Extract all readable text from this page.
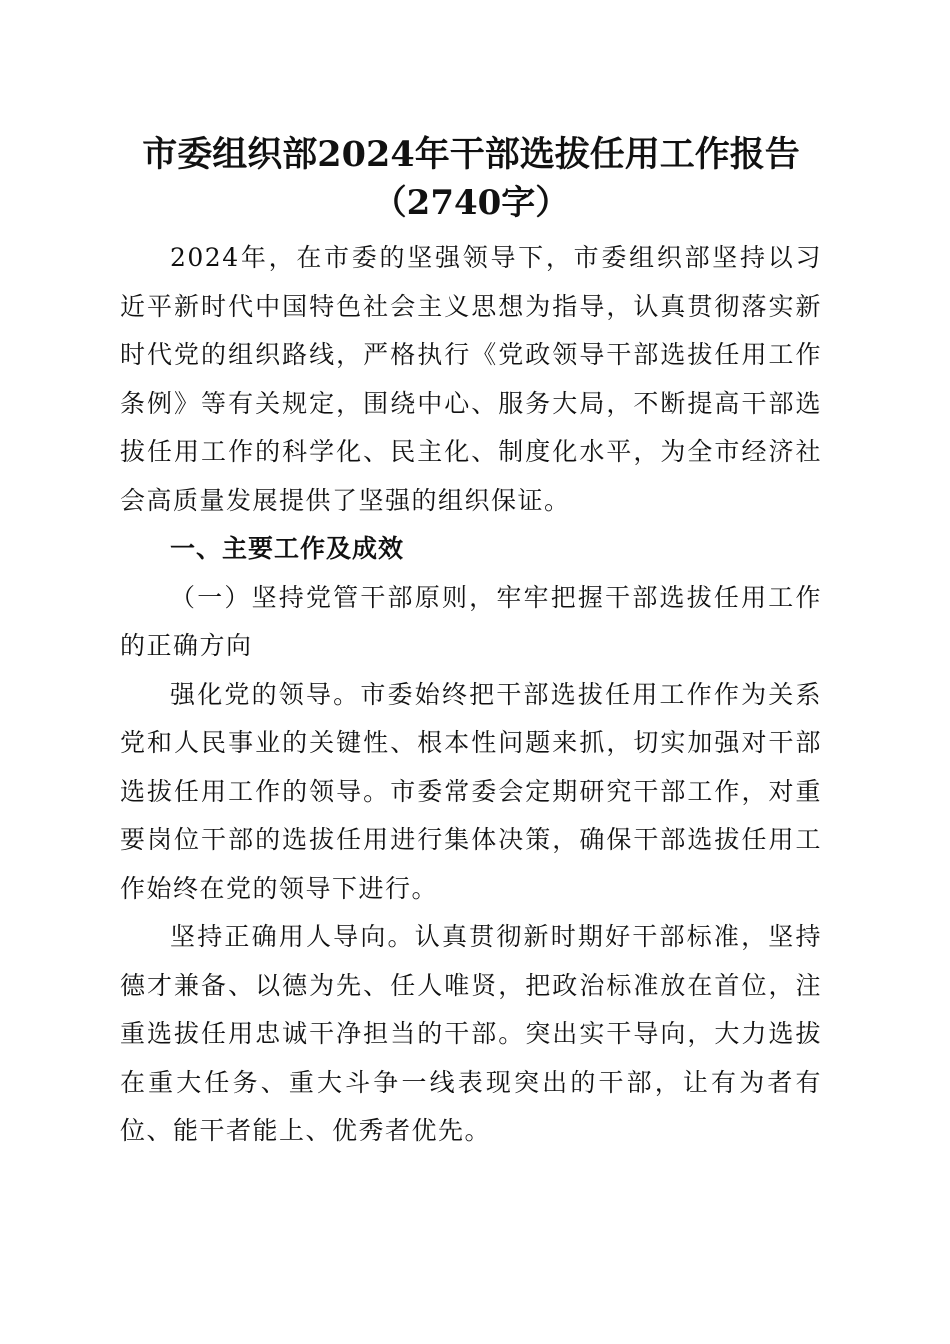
市委组织部2024年干部选拔任用工作报告
（2740字）

2024年，在市委的坚强领导下，市委组织部坚持以习近平新时代中国特色社会主义思想为指导，认真贯彻落实新时代党的组织路线，严格执行《党政领导干部选拔任用工作条例》等有关规定，围绕中心、服务大局，不断提高干部选拔任用工作的科学化、民主化、制度化水平，为全市经济社会高质量发展提供了坚强的组织保证。

一、主要工作及成效

（一）坚持党管干部原则，牢牢把握干部选拔任用工作的正确方向

强化党的领导。市委始终把干部选拔任用工作作为关系党和人民事业的关键性、根本性问题来抓，切实加强对干部选拔任用工作的领导。市委常委会定期研究干部工作，对重要岗位干部的选拔任用进行集体决策，确保干部选拔任用工作始终在党的领导下进行。

坚持正确用人导向。认真贯彻新时期好干部标准，坚持德才兼备、以德为先、任人唯贤，把政治标准放在首位，注重选拔任用忠诚干净担当的干部。突出实干导向，大力选拔在重大任务、重大斗争一线表现突出的干部，让有为者有位、能干者能上、优秀者优先。
